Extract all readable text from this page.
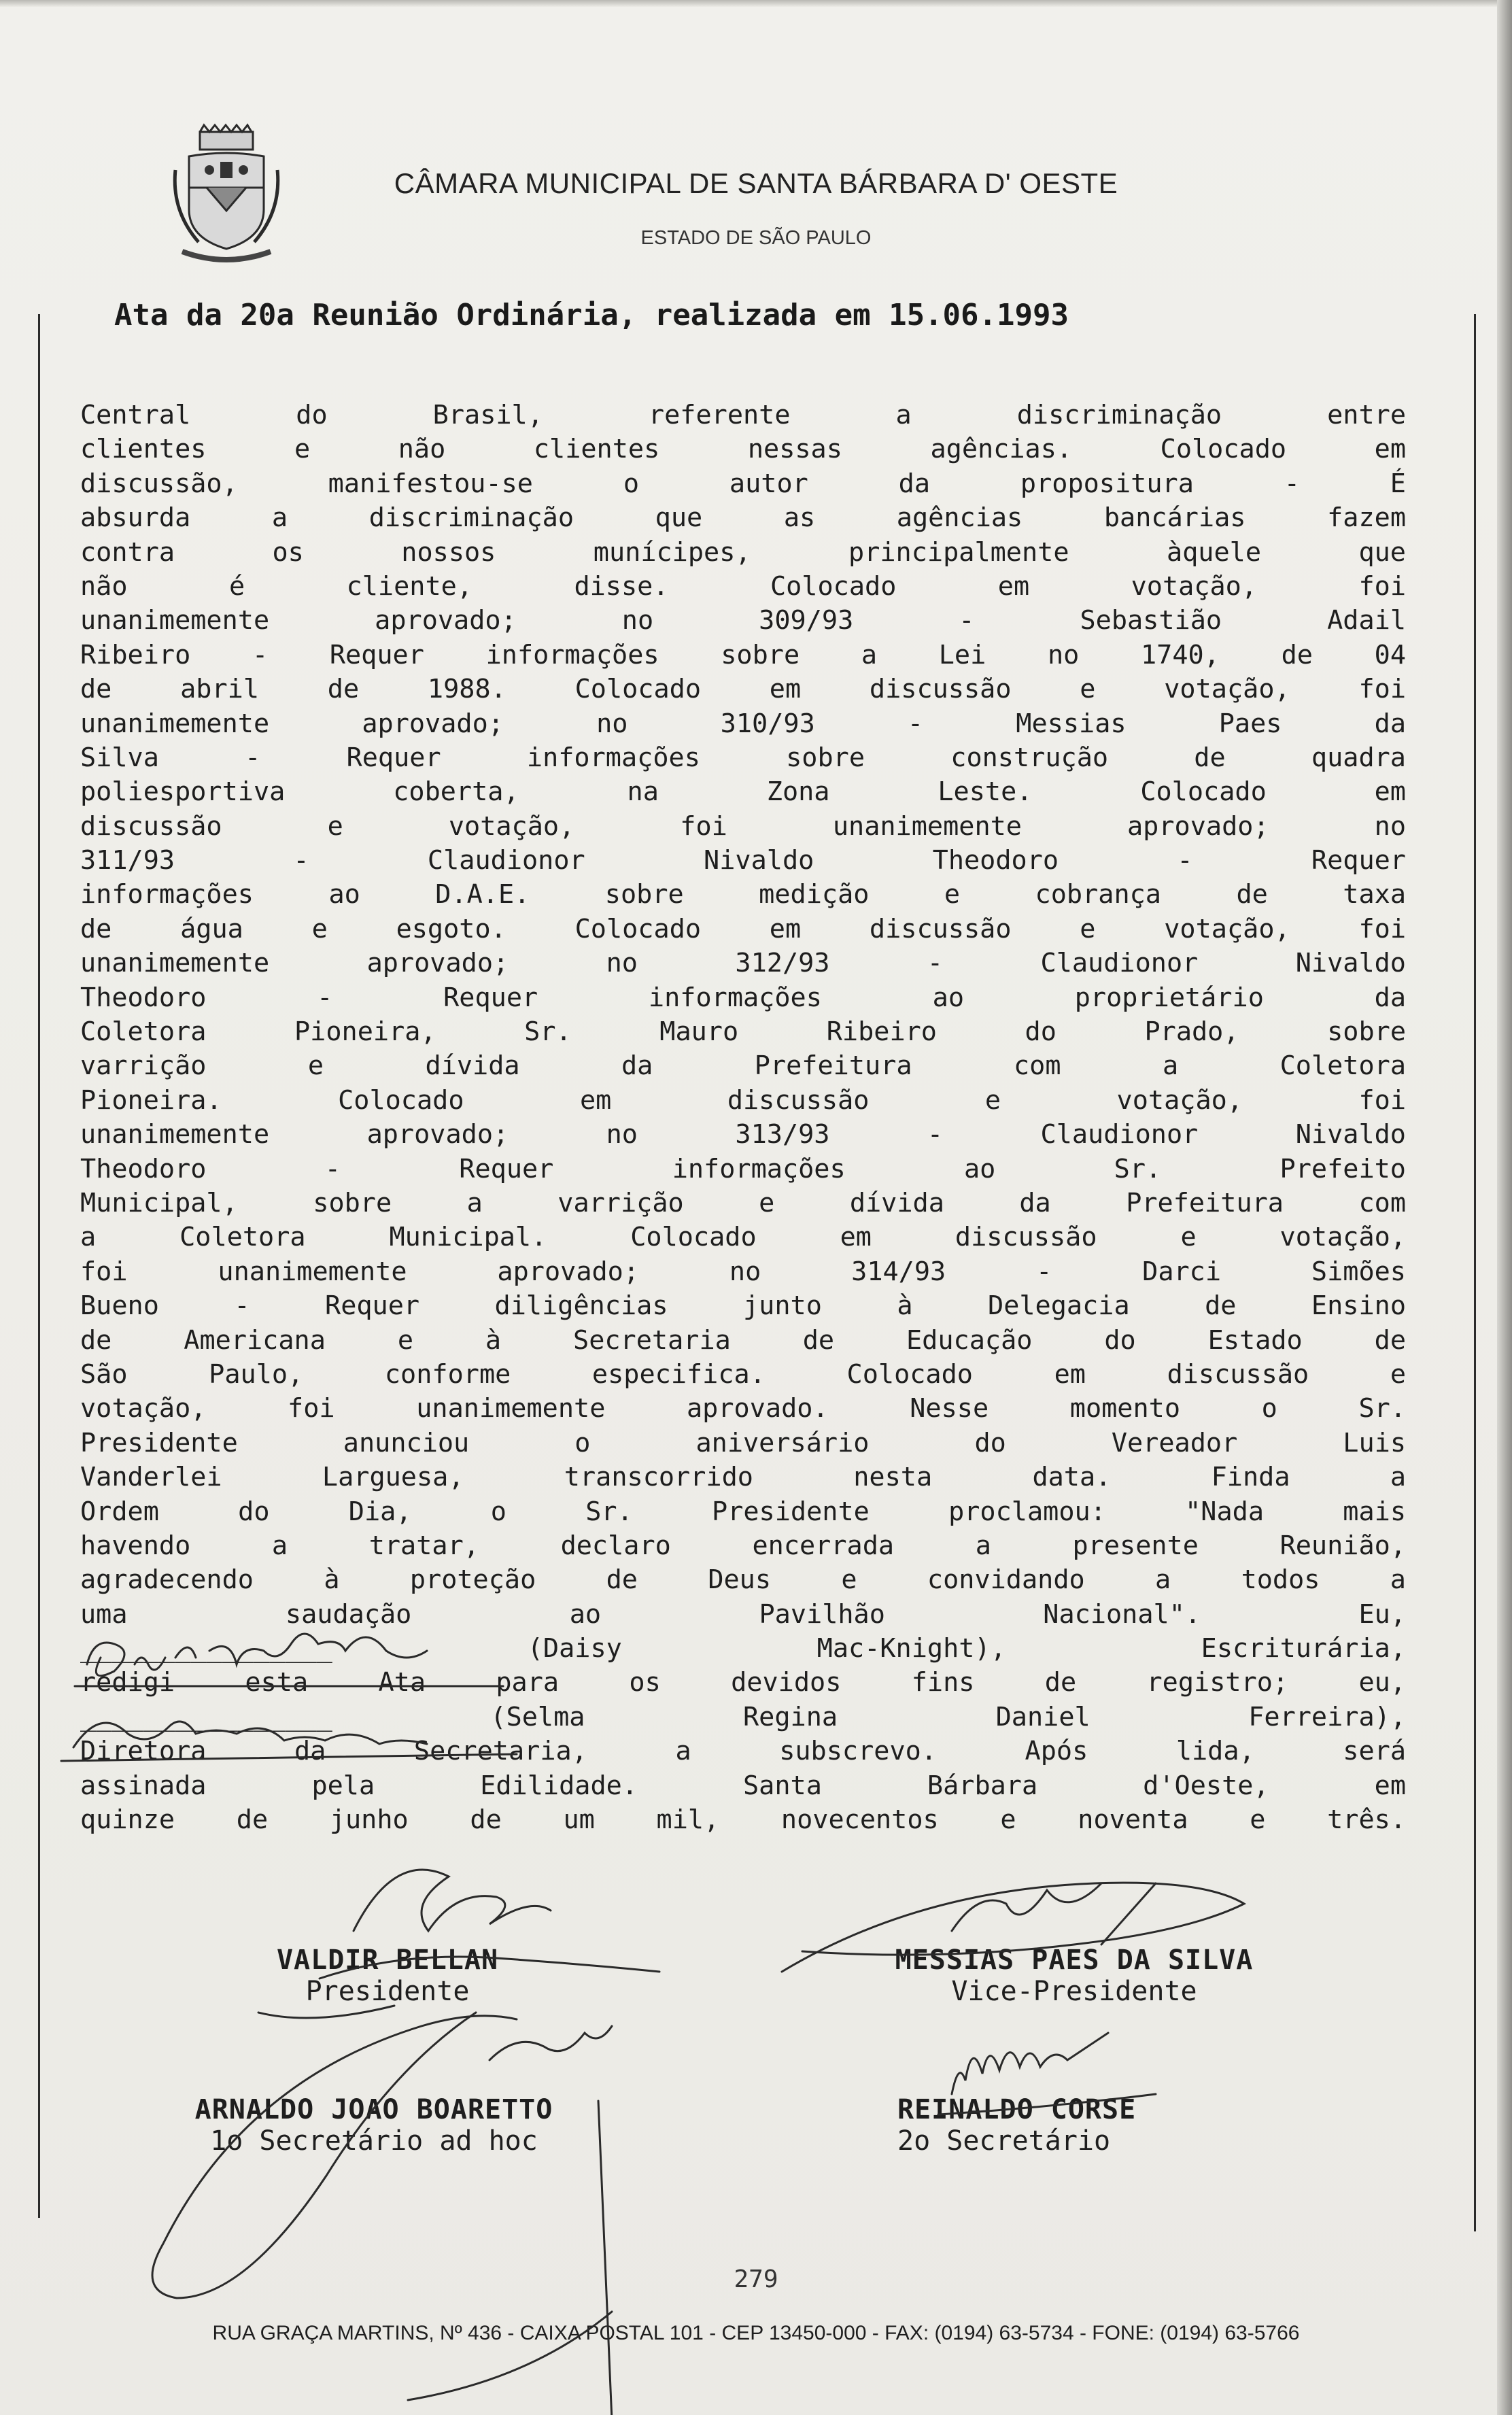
CÂMARA MUNICIPAL DE SANTA BÁRBARA D' OESTE
ESTADO DE SÃO PAULO
Ata da 20a Reunião Ordinária, realizada em 15.06.1993
Central do Brasil, referente a discriminação entre
clientes e não clientes nessas agências. Colocado em
discussão, manifestou-se o autor da propositura - É
absurda a discriminação que as agências bancárias fazem
contra os nossos munícipes, principalmente àquele que
não é cliente, disse. Colocado em votação, foi
unanimemente aprovado; no 309/93 - Sebastião Adail
Ribeiro - Requer informações sobre a Lei no 1740, de 04
de abril de 1988. Colocado em discussão e votação, foi
unanimemente aprovado; no 310/93 - Messias Paes da
Silva - Requer informações sobre construção de quadra
poliesportiva coberta, na Zona Leste. Colocado em
discussão e votação, foi unanimemente aprovado; no
311/93 - Claudionor Nivaldo Theodoro - Requer
informações ao D.A.E. sobre medição e cobrança de taxa
de água e esgoto. Colocado em discussão e votação, foi
unanimemente aprovado; no 312/93 - Claudionor Nivaldo
Theodoro - Requer informações ao proprietário da
Coletora Pioneira, Sr. Mauro Ribeiro do Prado, sobre
varrição e dívida da Prefeitura com a Coletora
Pioneira. Colocado em discussão e votação, foi
unanimemente aprovado; no 313/93 - Claudionor Nivaldo
Theodoro - Requer informações ao Sr. Prefeito
Municipal, sobre a varrição e dívida da Prefeitura com
a Coletora Municipal. Colocado em discussão e votação,
foi unanimemente aprovado; no 314/93 - Darci Simões
Bueno - Requer diligências junto à Delegacia de Ensino
de Americana e à Secretaria de Educação do Estado de
São Paulo, conforme especifica. Colocado em discussão e
votação, foi unanimemente aprovado. Nesse momento o Sr.
Presidente anunciou o aniversário do Vereador Luis
Vanderlei Larguesa, transcorrido nesta data. Finda a
Ordem do Dia, o Sr. Presidente proclamou: "Nada mais
havendo a tratar, declaro encerrada a presente Reunião,
agradecendo à proteção de Deus e convidando a todos a
uma saudação ao Pavilhão Nacional". Eu,
________________ (Daisy Mac-Knight), Escriturária,
redigi esta Ata para os devidos fins de registro; eu,
________________ (Selma Regina Daniel Ferreira),
Diretora da Secretaria, a subscrevo. Após lida, será
assinada pela Edilidade. Santa Bárbara d'Oeste, em
quinze de junho de um mil, novecentos e noventa e três.
VALDIR BELLAN
Presidente
MESSIAS PAES DA SILVA
Vice-Presidente
ARNALDO JOAO BOARETTO
1o Secretário ad hoc
REINALDO CORSE
2o Secretário
279
RUA GRAÇA MARTINS, Nº 436 - CAIXA POSTAL 101 - CEP 13450-000 - FAX: (0194) 63-5734 - FONE: (0194) 63-5766
